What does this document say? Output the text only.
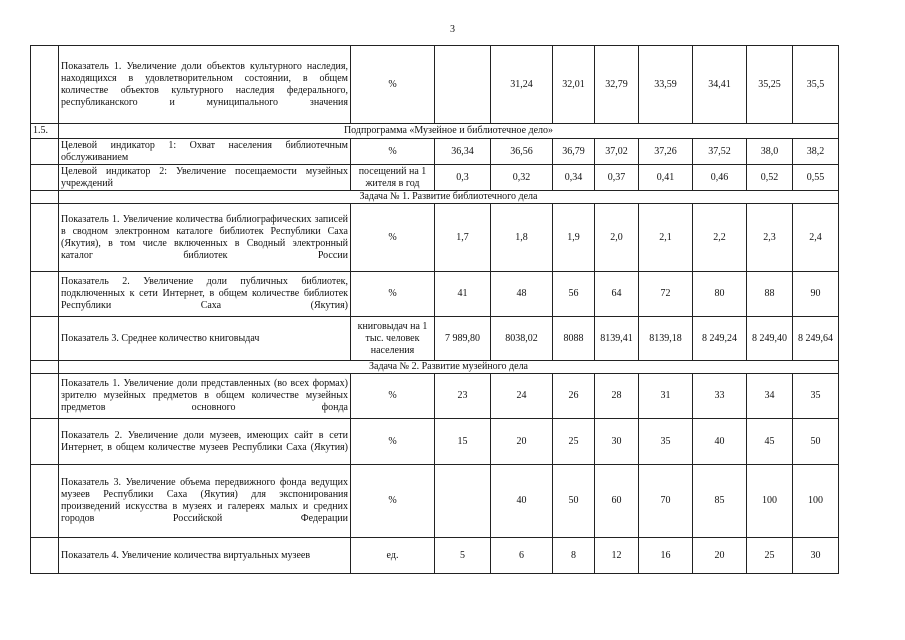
3
	Показатель 1. Увеличение доли объектов культурного наследия, находящихся в удовлетворительном состоянии, в общем количестве объектов культурного наследия федерального, республиканского и муниципального значения	%		31,24	32,01	32,79	33,59	34,41	35,25	35,5
1.5.	Подпрограмма «Музейное и библиотечное дело»									
	Целевой индикатор 1: Охват населения библиотечным обслуживанием	%	36,34	36,56	36,79	37,02	37,26	37,52	38,0	38,2
	Целевой индикатор 2: Увеличение посещаемости музейных учреждений	посещений на 1 жителя в год	0,3	0,32	0,34	0,37	0,41	0,46	0,52	0,55
	Задача № 1. Развитие библиотечного дела									
	Показатель 1. Увеличение количества библиографических записей в сводном электронном каталоге библиотек Республики Саха (Якутия), в том числе включенных в Сводный электронный каталог библиотек России	%	1,7	1,8	1,9	2,0	2,1	2,2	2,3	2,4
	Показатель 2. Увеличение доли публичных библиотек, подключенных к сети Интернет, в общем количестве библиотек Республики Саха (Якутия)	%	41	48	56	64	72	80	88	90
	Показатель 3. Среднее количество книговыдач	книговыдач на 1 тыс. человек населения	7 989,80	8038,02	8088	8139,41	8139,18	8 249,24	8 249,40	8 249,64
	Задача № 2. Развитие музейного дела									
	Показатель 1. Увеличение доли представленных (во всех формах) зрителю музейных предметов в общем количестве музейных предметов основного фонда	%	23	24	26	28	31	33	34	35
	Показатель 2. Увеличение доли музеев, имеющих сайт в сети Интернет, в общем количестве музеев Республики Саха (Якутия)	%	15	20	25	30	35	40	45	50
	Показатель 3. Увеличение объема передвижного фонда ведущих музеев Республики Саха (Якутия) для экспонирования произведений искусства в музеях и галереях малых и средних городов Российской Федерации	%		40	50	60	70	85	100	100
	Показатель 4. Увеличение количества виртуальных музеев	ед.	5	6	8	12	16	20	25	30
